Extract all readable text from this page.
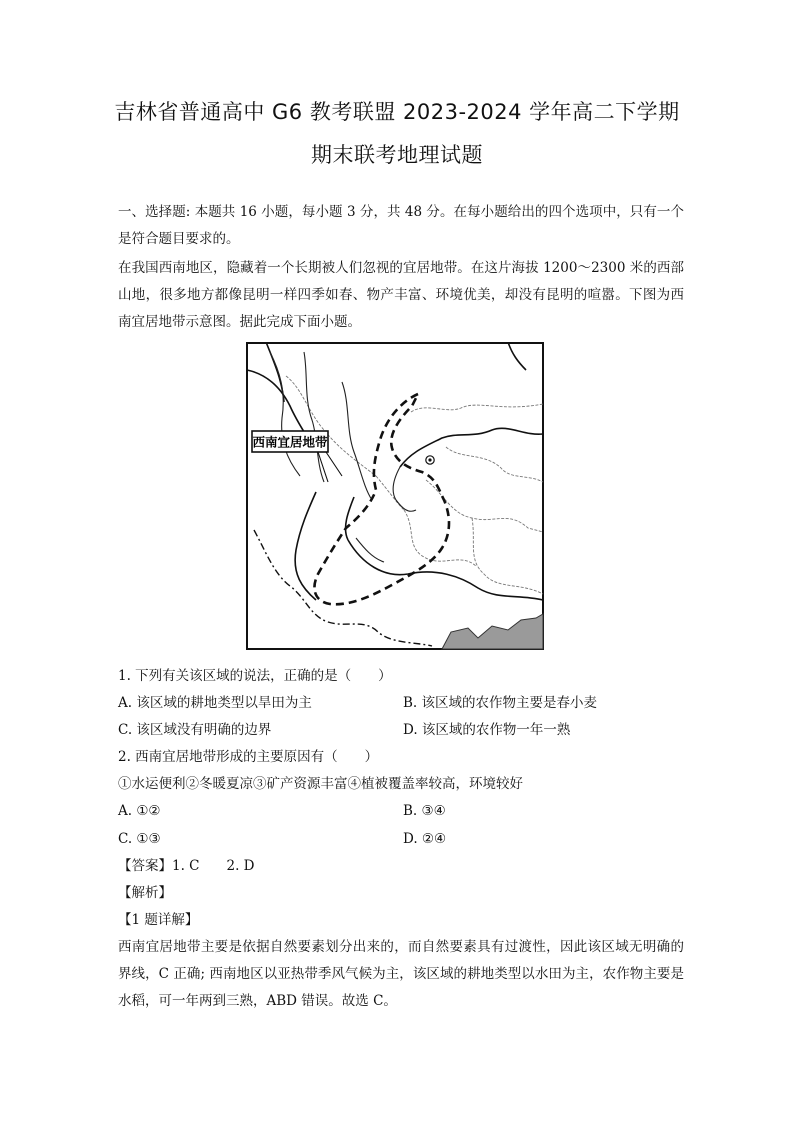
吉林省普通高中 G6 教考联盟 2023-2024 学年高二下学期
期末联考地理试题
一、选择题: 本题共 16 小题，每小题 3 分，共 48 分。在每小题给出的四个选项中，只有一个是符合题目要求的。
在我国西南地区，隐藏着一个长期被人们忽视的宜居地带。在这片海拔 1200～2300 米的西部山地，很多地方都像昆明一样四季如春、物产丰富、环境优美，却没有昆明的喧嚣。下图为西南宜居地带示意图。据此完成下面小题。
西南宜居地带
1. 下列有关该区域的说法，正确的是（　　）
A. 该区域的耕地类型以旱田为主	B. 该区域的农作物主要是春小麦
C. 该区域没有明确的边界	D. 该区域的农作物一年一熟
2. 西南宜居地带形成的主要原因有（　　）
①水运便利②冬暖夏凉③矿产资源丰富④植被覆盖率较高，环境较好
A. ①②	B. ③④
C. ①③	D. ②④
【答案】1. C　　2. D
【解析】
【1 题详解】
西南宜居地带主要是依据自然要素划分出来的，而自然要素具有过渡性，因此该区域无明确的界线，C 正确; 西南地区以亚热带季风气候为主，该区域的耕地类型以水田为主，农作物主要是水稻，可一年两到三熟，ABD 错误。故选 C。
